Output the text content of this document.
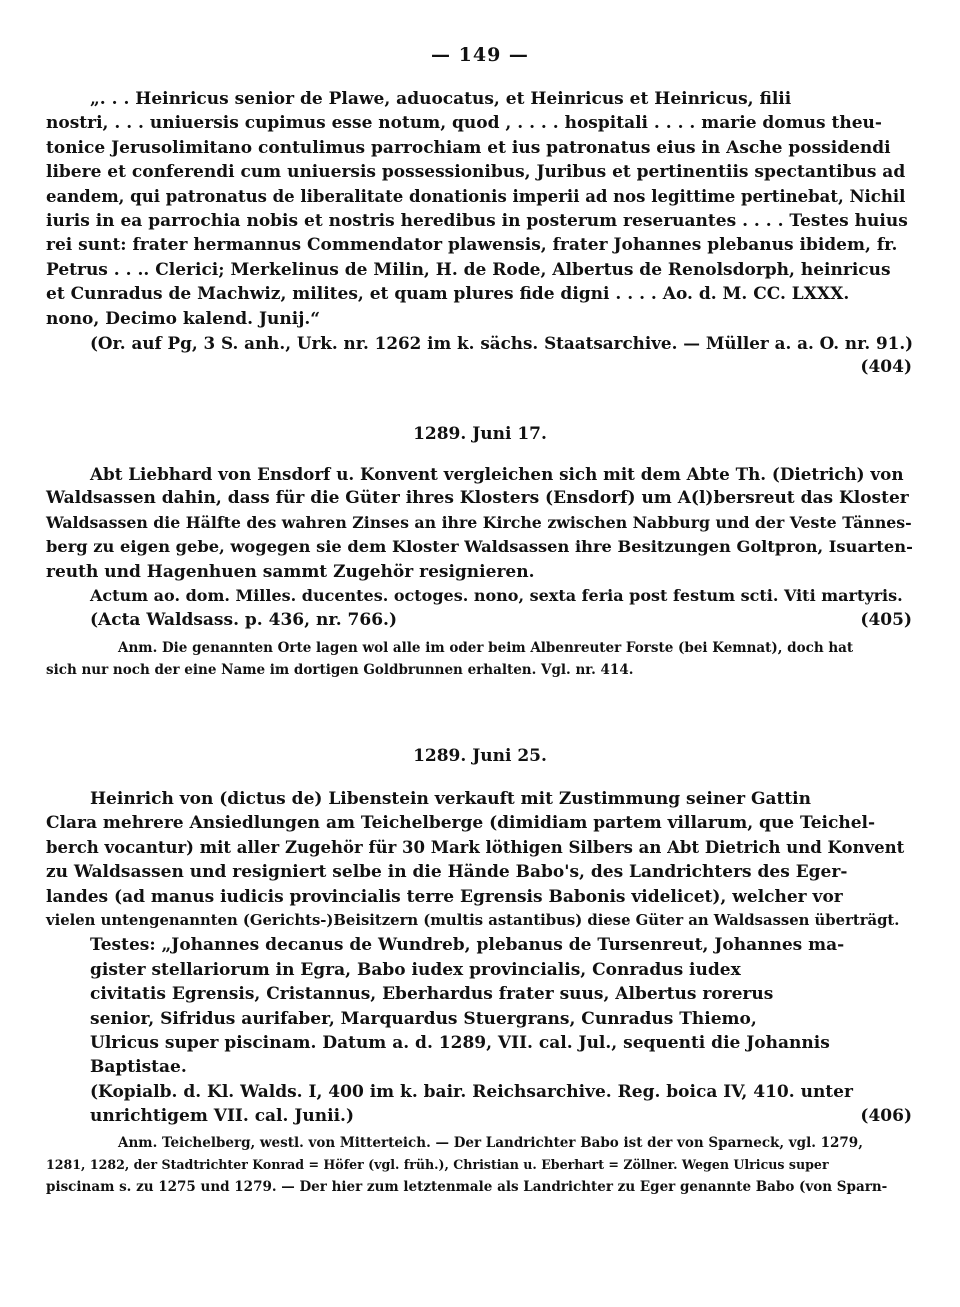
— 149 —
„. . . Heinricus senior de Plawe, aduocatus, et Heinricus et Heinricus, filii
nostri, . . . uniuersis cupimus esse notum, quod , . . . . hospitali . . . . marie domus theu-
tonice Jerusolimitano contulimus parrochiam et ius patronatus eius in Asche possidendi
libere et conferendi cum uniuersis possessionibus, Juribus et pertinentiis spectantibus ad
eandem, qui patronatus de liberalitate donationis imperii ad nos legittime pertinebat, Nichil
iuris in ea parrochia nobis et nostris heredibus in posterum reseruantes . . . . Testes huius
rei sunt: frater hermannus Commendator plawensis, frater Johannes plebanus ibidem, fr.
Petrus . . .. Clerici; Merkelinus de Milin, H. de Rode, Albertus de Renolsdorph, heinricus
et Cunradus de Machwiz, milites, et quam plures fide digni . . . . Ao. d. M. CC. LXXX.
nono, Decimo kalend. Junij.“
(Or. auf Pg, 3 S. anh., Urk. nr. 1262 im k. sächs. Staatsarchive. — Müller a. a. O. nr. 91.)
(404)
1289. Juni 17.
Abt Liebhard von Ensdorf u. Konvent vergleichen sich mit dem Abte Th. (Dietrich) von
Waldsassen dahin, dass für die Güter ihres Klosters (Ensdorf) um A(l)bersreut das Kloster
Waldsassen die Hälfte des wahren Zinses an ihre Kirche zwischen Nabburg und der Veste Tännes-
berg zu eigen gebe, wogegen sie dem Kloster Waldsassen ihre Besitzungen Goltpron, Isuarten-
reuth und Hagenhuen sammt Zugehör resignieren.
Actum ao. dom. Milles. ducentes. octoges. nono, sexta feria post festum scti. Viti martyris.
(Acta Waldsass. p. 436, nr. 766.)	(405)
Anm. Die genannten Orte lagen wol alle im oder beim Albenreuter Forste (bei Kemnat), doch hat
sich nur noch der eine Name im dortigen Goldbrunnen erhalten. Vgl. nr. 414.
1289. Juni 25.
Heinrich von (dictus de) Libenstein verkauft mit Zustimmung seiner Gattin
Clara mehrere Ansiedlungen am Teichelberge (dimidiam partem villarum, que Teichel-
berch vocantur) mit aller Zugehör für 30 Mark löthigen Silbers an Abt Dietrich und Konvent
zu Waldsassen und resigniert selbe in die Hände Babo's, des Landrichters des Eger-
landes (ad manus iudicis provincialis terre Egrensis Babonis videlicet), welcher vor
vielen untengenannten (Gerichts-)Beisitzern (multis astantibus) diese Güter an Waldsassen überträgt.
Testes: „Johannes decanus de Wundreb, plebanus de Tursenreut, Johannes ma-
gister stellariorum in Egra, Babo iudex provincialis, Conradus iudex
civitatis Egrensis, Cristannus, Eberhardus frater suus, Albertus rorerus
senior, Sifridus aurifaber, Marquardus Stuergrans, Cunradus Thiemo,
Ulricus super piscinam. Datum a. d. 1289, VII. cal. Jul., sequenti die Johannis
Baptistae.
(Kopialb. d. Kl. Walds. I, 400 im k. bair. Reichsarchive. Reg. boica IV, 410. unter
unrichtigem VII. cal. Junii.)	(406)
Anm. Teichelberg, westl. von Mitterteich. — Der Landrichter Babo ist der von Sparneck, vgl. 1279,
1281, 1282, der Stadtrichter Konrad = Höfer (vgl. früh.), Christian u. Eberhart = Zöllner. Wegen Ulricus super
piscinam s. zu 1275 und 1279. — Der hier zum letztenmale als Landrichter zu Eger genannte Babo (von Sparn-
